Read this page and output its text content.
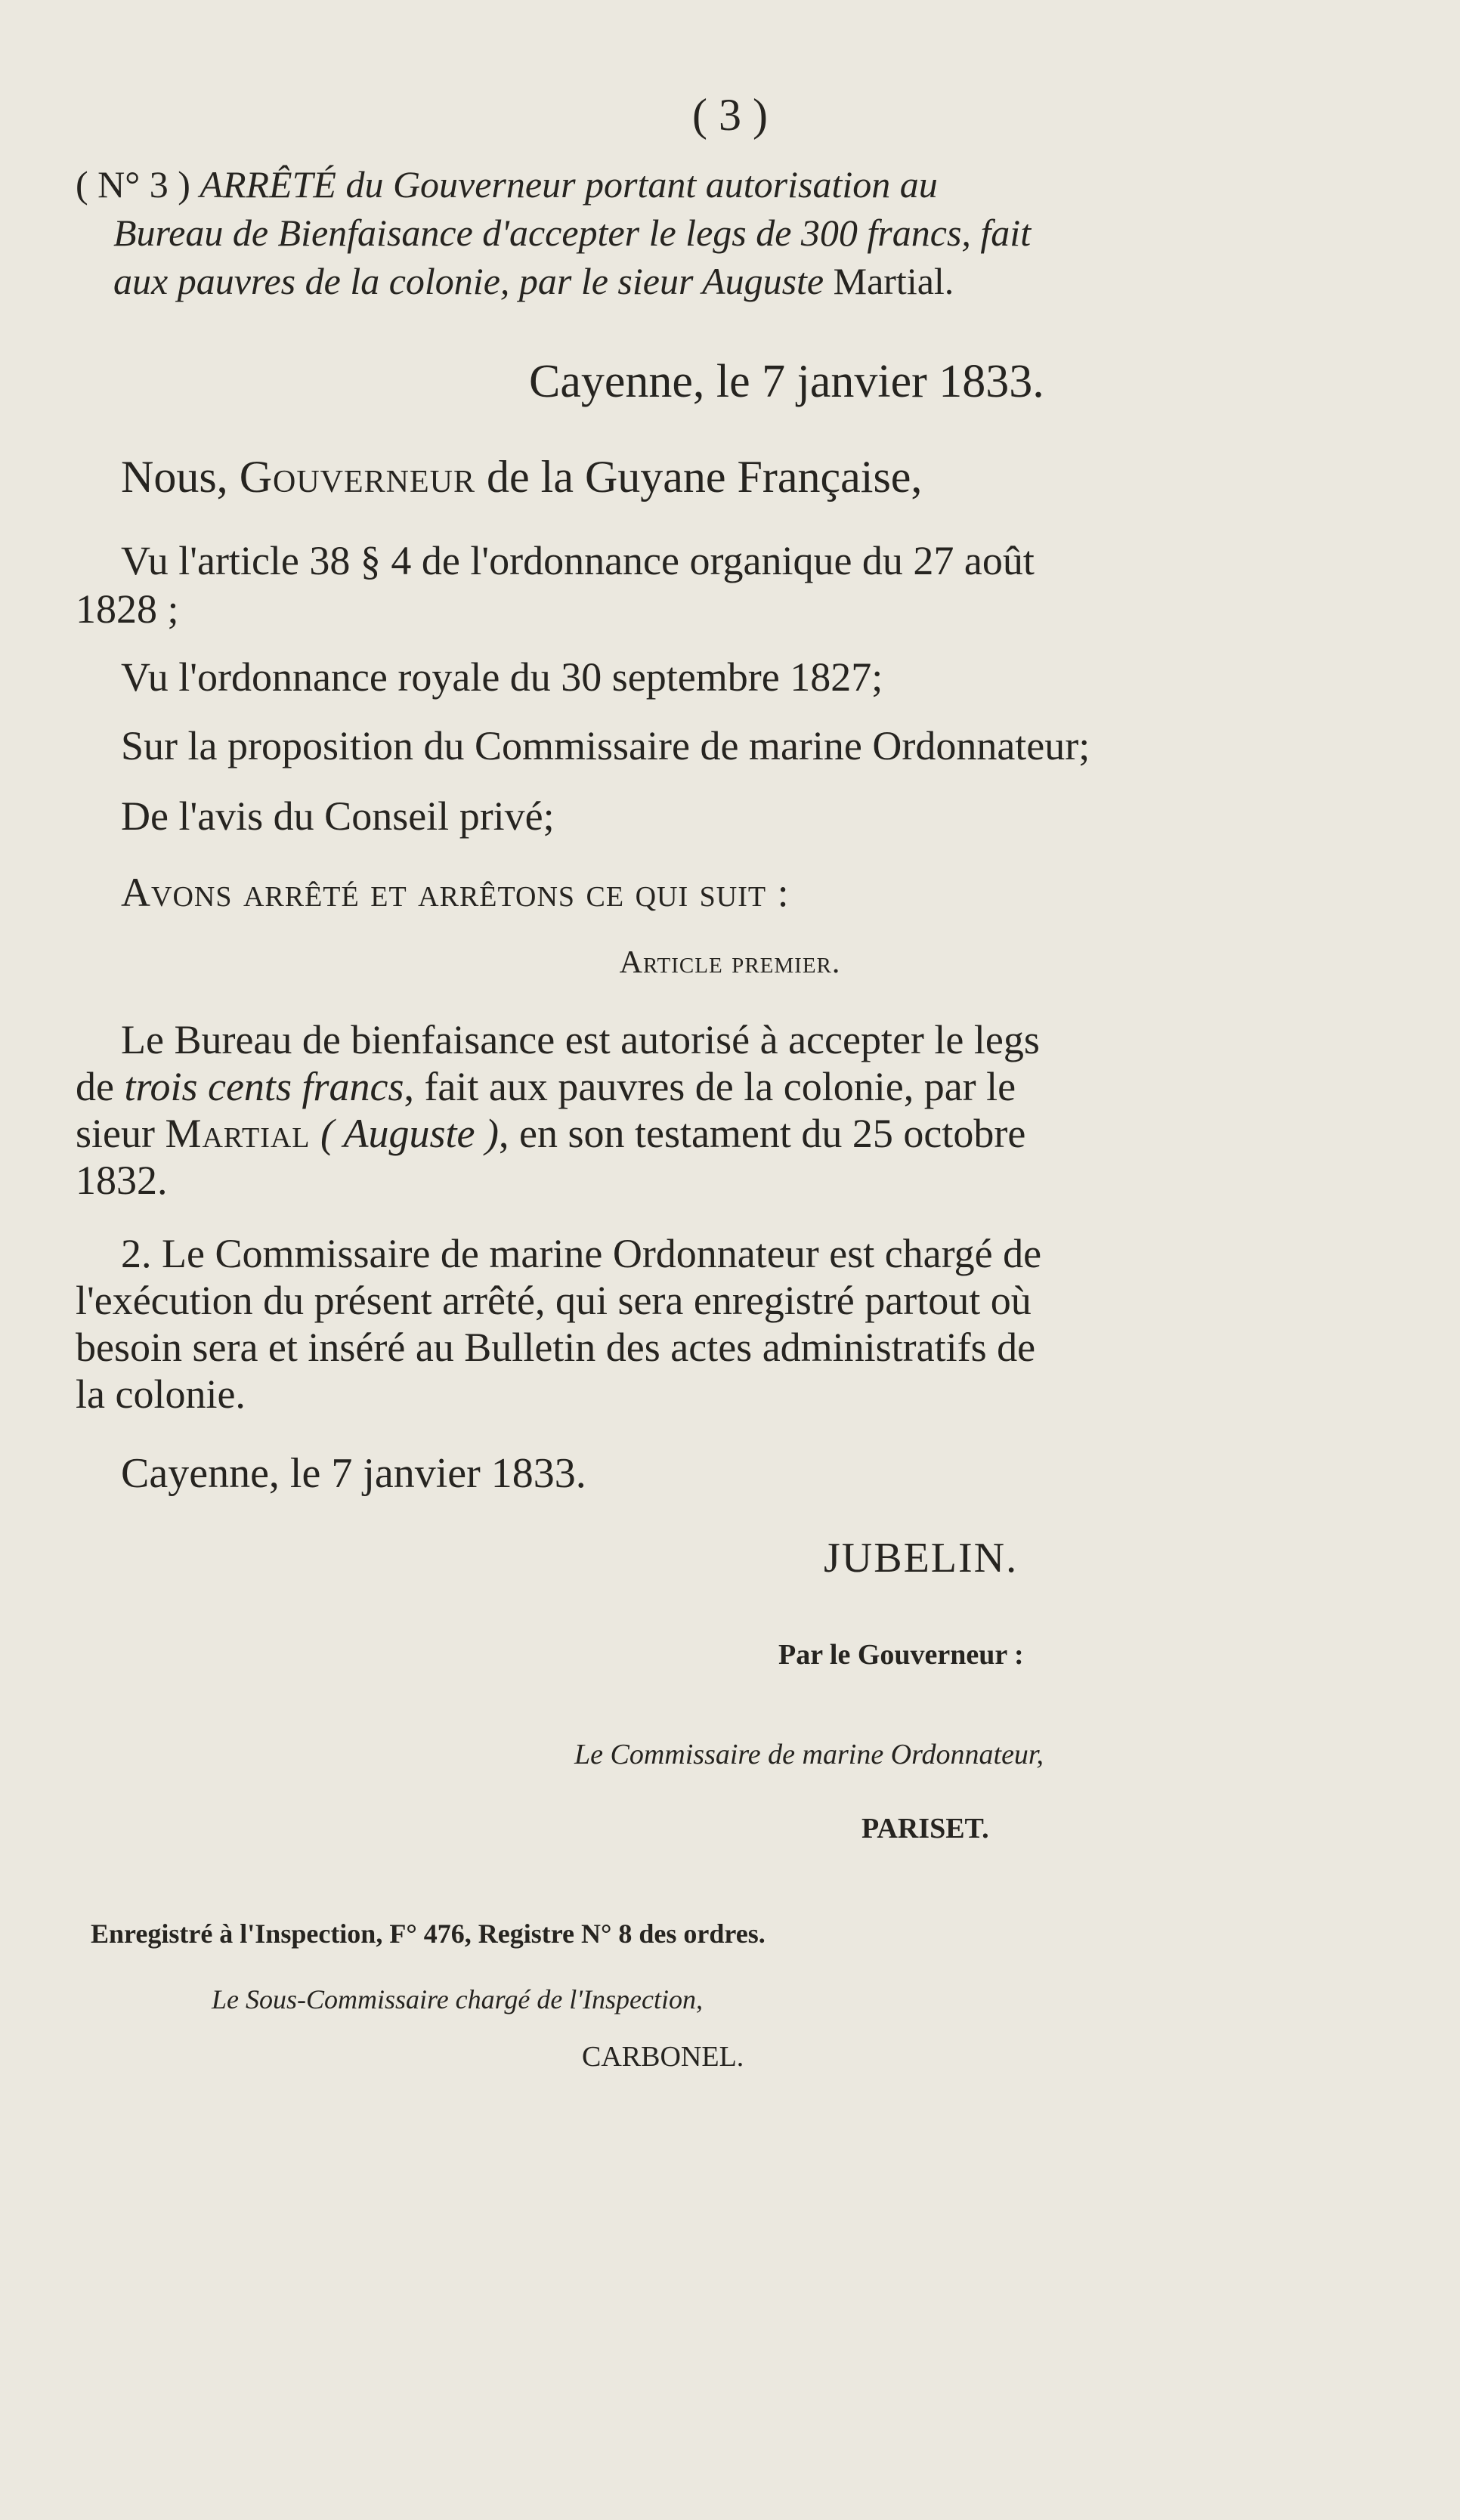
( 3 )

( N° 3 ) ARRÊTÉ du Gouverneur portant autorisation au

Bureau de Bienfaisance d'accepter le legs de 300 francs, fait

aux pauvres de la colonie, par le sieur Auguste Martial.

Cayenne, le 7 janvier 1833.
Nous, Gouverneur de la Guyane Française,

Vu l'article 38 § 4 de l'ordonnance organique du 27 août

1828 ;

Vu l'ordonnance royale du 30 septembre 1827;

Sur la proposition du Commissaire de marine Ordonnateur;

De l'avis du Conseil privé;

Avons arrêté et arrêtons ce qui suit :
Article premier.

Le Bureau de bienfaisance est autorisé à accepter le legs

de trois cents francs, fait aux pauvres de la colonie, par le

sieur Martial ( Auguste ), en son testament du 25 octobre

1832.

2. Le Commissaire de marine Ordonnateur est chargé de

l'exécution du présent arrêté, qui sera enregistré partout où

besoin sera et inséré au Bulletin des actes administratifs de

la colonie.

Cayenne, le 7 janvier 1833.
JUBELIN.
Par le Gouverneur :
Le Commissaire de marine Ordonnateur,
PARISET.
Enregistré à l'Inspection, F° 476, Registre N° 8 des ordres.
Le Sous-Commissaire chargé de l'Inspection,
CARBONEL.
